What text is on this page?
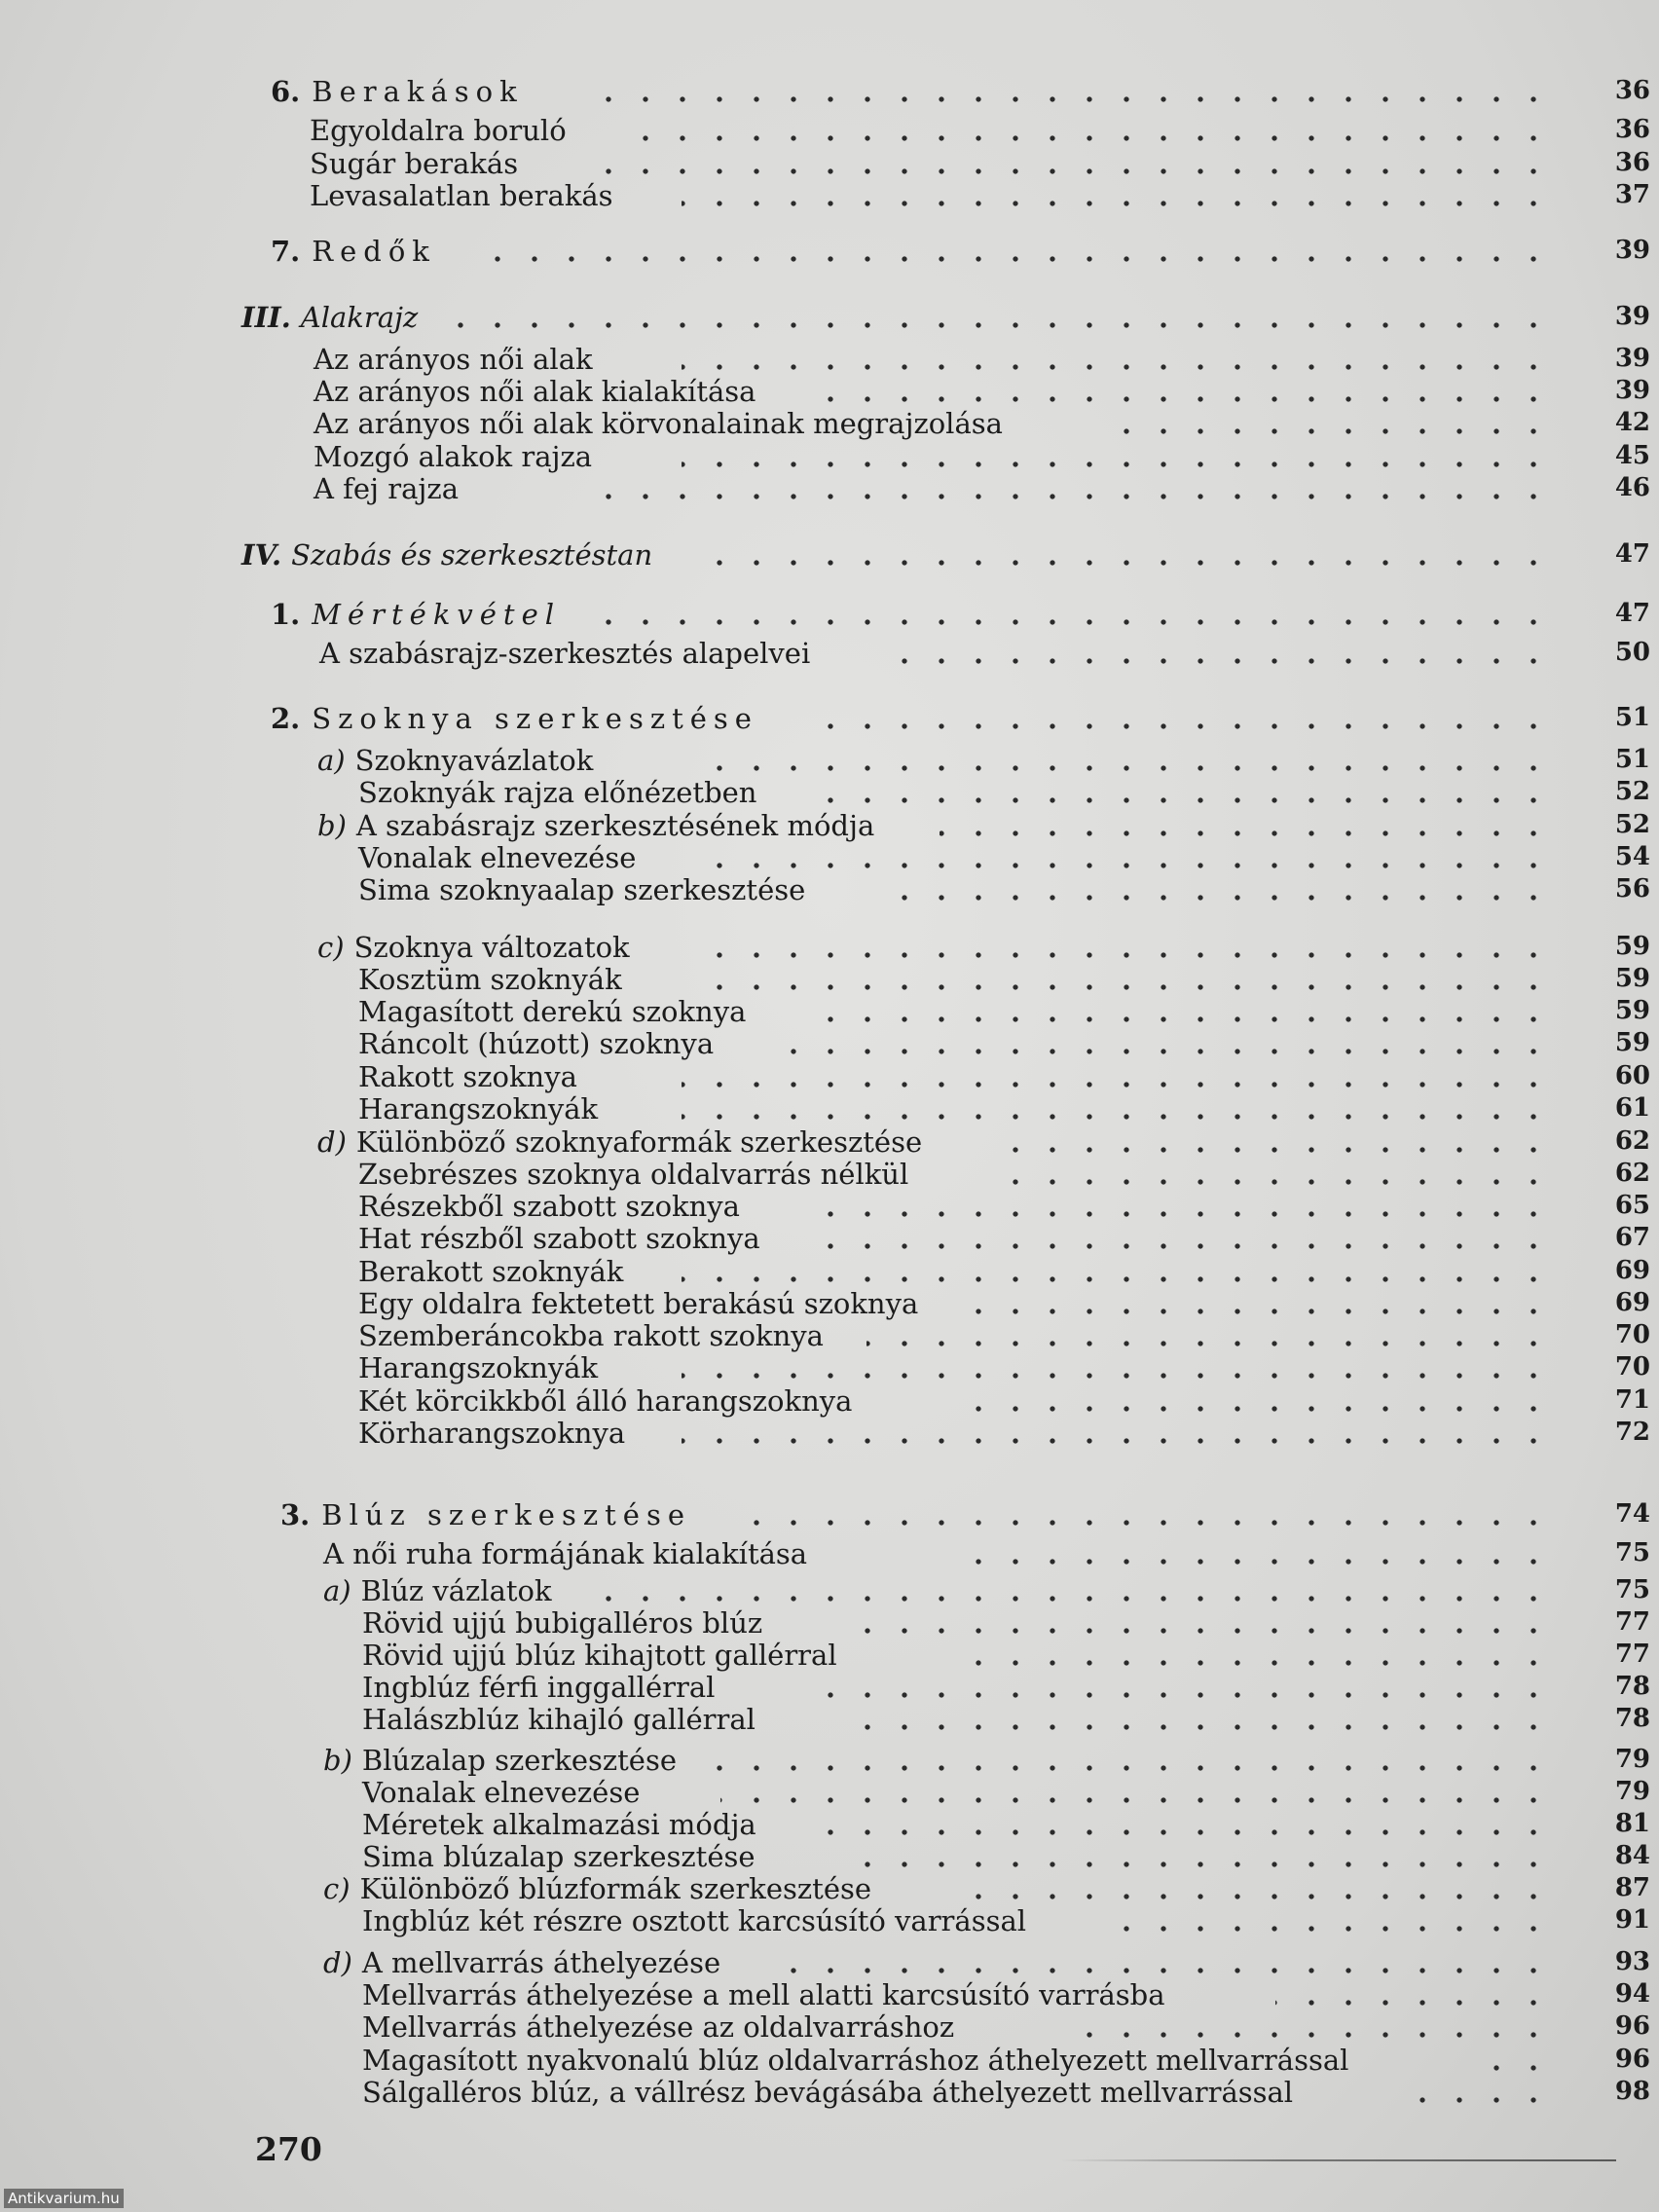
6. Berakások	36
Egyoldalra boruló	36
Sugár berakás	36
Levasalatlan berakás	37
7. Redők	39
III. Alakrajz	39
Az arányos női alak	39
Az arányos női alak kialakítása	39
Az arányos női alak körvonalainak megrajzolása	42
Mozgó alakok rajza	45
A fej rajza	46
IV. Szabás és szerkesztéstan	47
1. Mértékvétel	47
A szabásrajz-szerkesztés alapelvei	50
2. Szoknya szerkesztése	51
a) Szoknyavázlatok	51
Szoknyák rajza előnézetben	52
b) A szabásrajz szerkesztésének módja	52
Vonalak elnevezése	54
Sima szoknyaalap szerkesztése	56
c) Szoknya változatok	59
Kosztüm szoknyák	59
Magasított derekú szoknya	59
Ráncolt (húzott) szoknya	59
Rakott szoknya	60
Harangszoknyák	61
d) Különböző szoknyaformák szerkesztése	62
Zsebrészes szoknya oldalvarrás nélkül	62
Részekből szabott szoknya	65
Hat részből szabott szoknya	67
Berakott szoknyák	69
Egy oldalra fektetett berakású szoknya	69
Szemberáncokba rakott szoknya	70
Harangszoknyák	70
Két körcikkből álló harangszoknya	71
Körharangszoknya	72
3. Blúz szerkesztése	74
A női ruha formájának kialakítása	75
a) Blúz vázlatok	75
Rövid ujjú bubigalléros blúz	77
Rövid ujjú blúz kihajtott gallérral	77
Ingblúz férfi inggallérral	78
Halászblúz kihajló gallérral	78
b) Blúzalap szerkesztése	79
Vonalak elnevezése	79
Méretek alkalmazási módja	81
Sima blúzalap szerkesztése	84
c) Különböző blúzformák szerkesztése	87
Ingblúz két részre osztott karcsúsító varrással	91
d) A mellvarrás áthelyezése	93
Mellvarrás áthelyezése a mell alatti karcsúsító varrásba	94
Mellvarrás áthelyezése az oldalvarráshoz	96
Magasított nyakvonalú blúz oldalvarráshoz áthelyezett mellvarrással	96
Sálgalléros blúz, a vállrész bevágásába áthelyezett mellvarrással	98
270
Antikvarium.hu
